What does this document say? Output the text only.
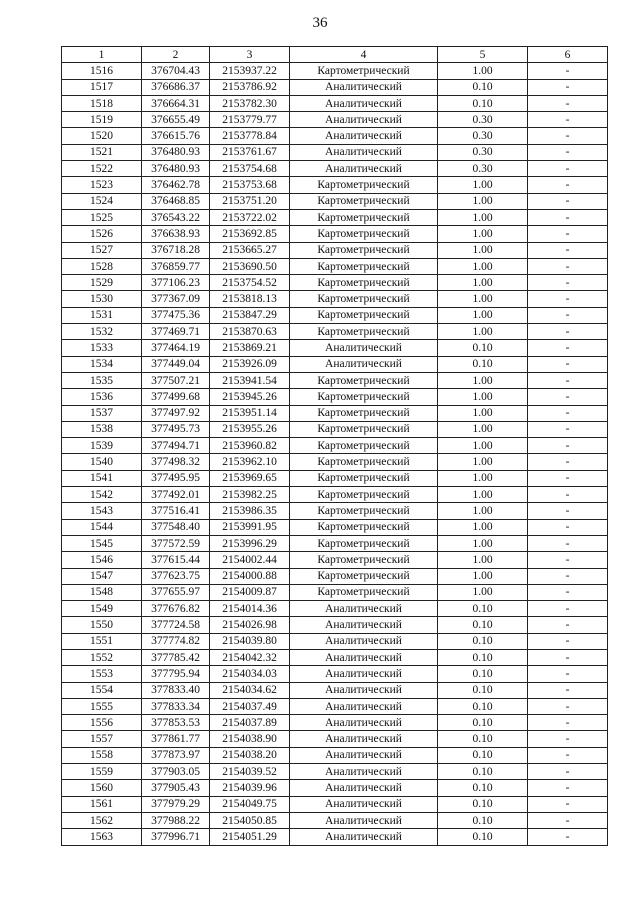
36
1	2	3	4	5	6
1516	376704.43	2153937.22	Картометрический	1.00	-
1517	376686.37	2153786.92	Аналитический	0.10	-
1518	376664.31	2153782.30	Аналитический	0.10	-
1519	376655.49	2153779.77	Аналитический	0.30	-
1520	376615.76	2153778.84	Аналитический	0.30	-
1521	376480.93	2153761.67	Аналитический	0.30	-
1522	376480.93	2153754.68	Аналитический	0.30	-
1523	376462.78	2153753.68	Картометрический	1.00	-
1524	376468.85	2153751.20	Картометрический	1.00	-
1525	376543.22	2153722.02	Картометрический	1.00	-
1526	376638.93	2153692.85	Картометрический	1.00	-
1527	376718.28	2153665.27	Картометрический	1.00	-
1528	376859.77	2153690.50	Картометрический	1.00	-
1529	377106.23	2153754.52	Картометрический	1.00	-
1530	377367.09	2153818.13	Картометрический	1.00	-
1531	377475.36	2153847.29	Картометрический	1.00	-
1532	377469.71	2153870.63	Картометрический	1.00	-
1533	377464.19	2153869.21	Аналитический	0.10	-
1534	377449.04	2153926.09	Аналитический	0.10	-
1535	377507.21	2153941.54	Картометрический	1.00	-
1536	377499.68	2153945.26	Картометрический	1.00	-
1537	377497.92	2153951.14	Картометрический	1.00	-
1538	377495.73	2153955.26	Картометрический	1.00	-
1539	377494.71	2153960.82	Картометрический	1.00	-
1540	377498.32	2153962.10	Картометрический	1.00	-
1541	377495.95	2153969.65	Картометрический	1.00	-
1542	377492.01	2153982.25	Картометрический	1.00	-
1543	377516.41	2153986.35	Картометрический	1.00	-
1544	377548.40	2153991.95	Картометрический	1.00	-
1545	377572.59	2153996.29	Картометрический	1.00	-
1546	377615.44	2154002.44	Картометрический	1.00	-
1547	377623.75	2154000.88	Картометрический	1.00	-
1548	377655.97	2154009.87	Картометрический	1.00	-
1549	377676.82	2154014.36	Аналитический	0.10	-
1550	377724.58	2154026.98	Аналитический	0.10	-
1551	377774.82	2154039.80	Аналитический	0.10	-
1552	377785.42	2154042.32	Аналитический	0.10	-
1553	377795.94	2154034.03	Аналитический	0.10	-
1554	377833.40	2154034.62	Аналитический	0.10	-
1555	377833.34	2154037.49	Аналитический	0.10	-
1556	377853.53	2154037.89	Аналитический	0.10	-
1557	377861.77	2154038.90	Аналитический	0.10	-
1558	377873.97	2154038.20	Аналитический	0.10	-
1559	377903.05	2154039.52	Аналитический	0.10	-
1560	377905.43	2154039.96	Аналитический	0.10	-
1561	377979.29	2154049.75	Аналитический	0.10	-
1562	377988.22	2154050.85	Аналитический	0.10	-
1563	377996.71	2154051.29	Аналитический	0.10	-
